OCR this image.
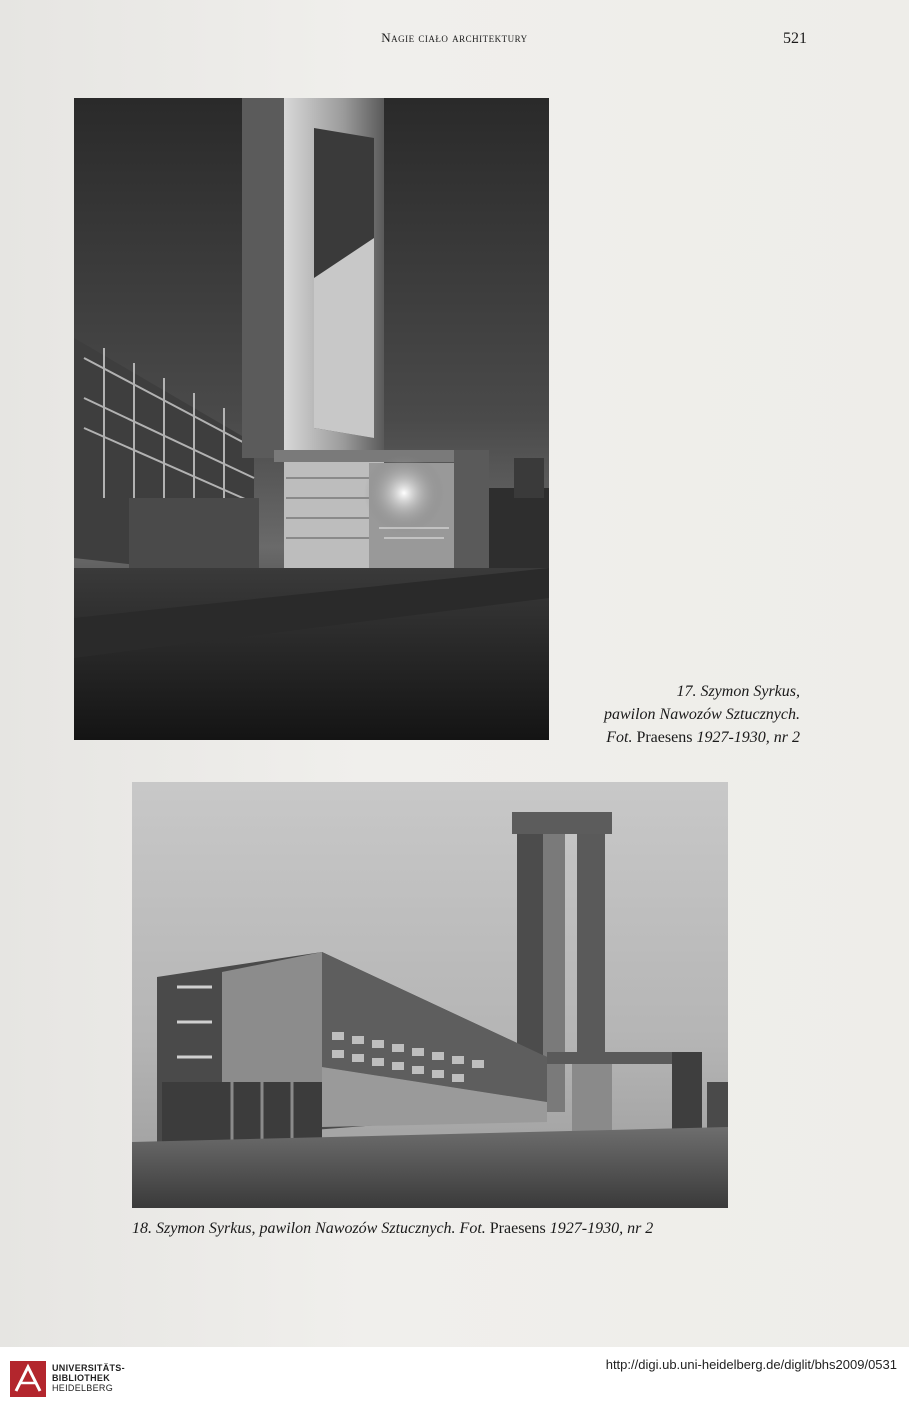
Nagie ciało architektury	521
17. Szymon Syrkus,
pawilon Nawozów Sztucznych.
Fot. Praesens 1927-1930, nr 2
18. Szymon Syrkus, pawilon Nawozów Sztucznych. Fot. Praesens 1927-1930, nr 2
UNIVERSITÄTS-
BIBLIOTHEK
HEIDELBERG
http://digi.ub.uni-heidelberg.de/diglit/bhs2009/0531
